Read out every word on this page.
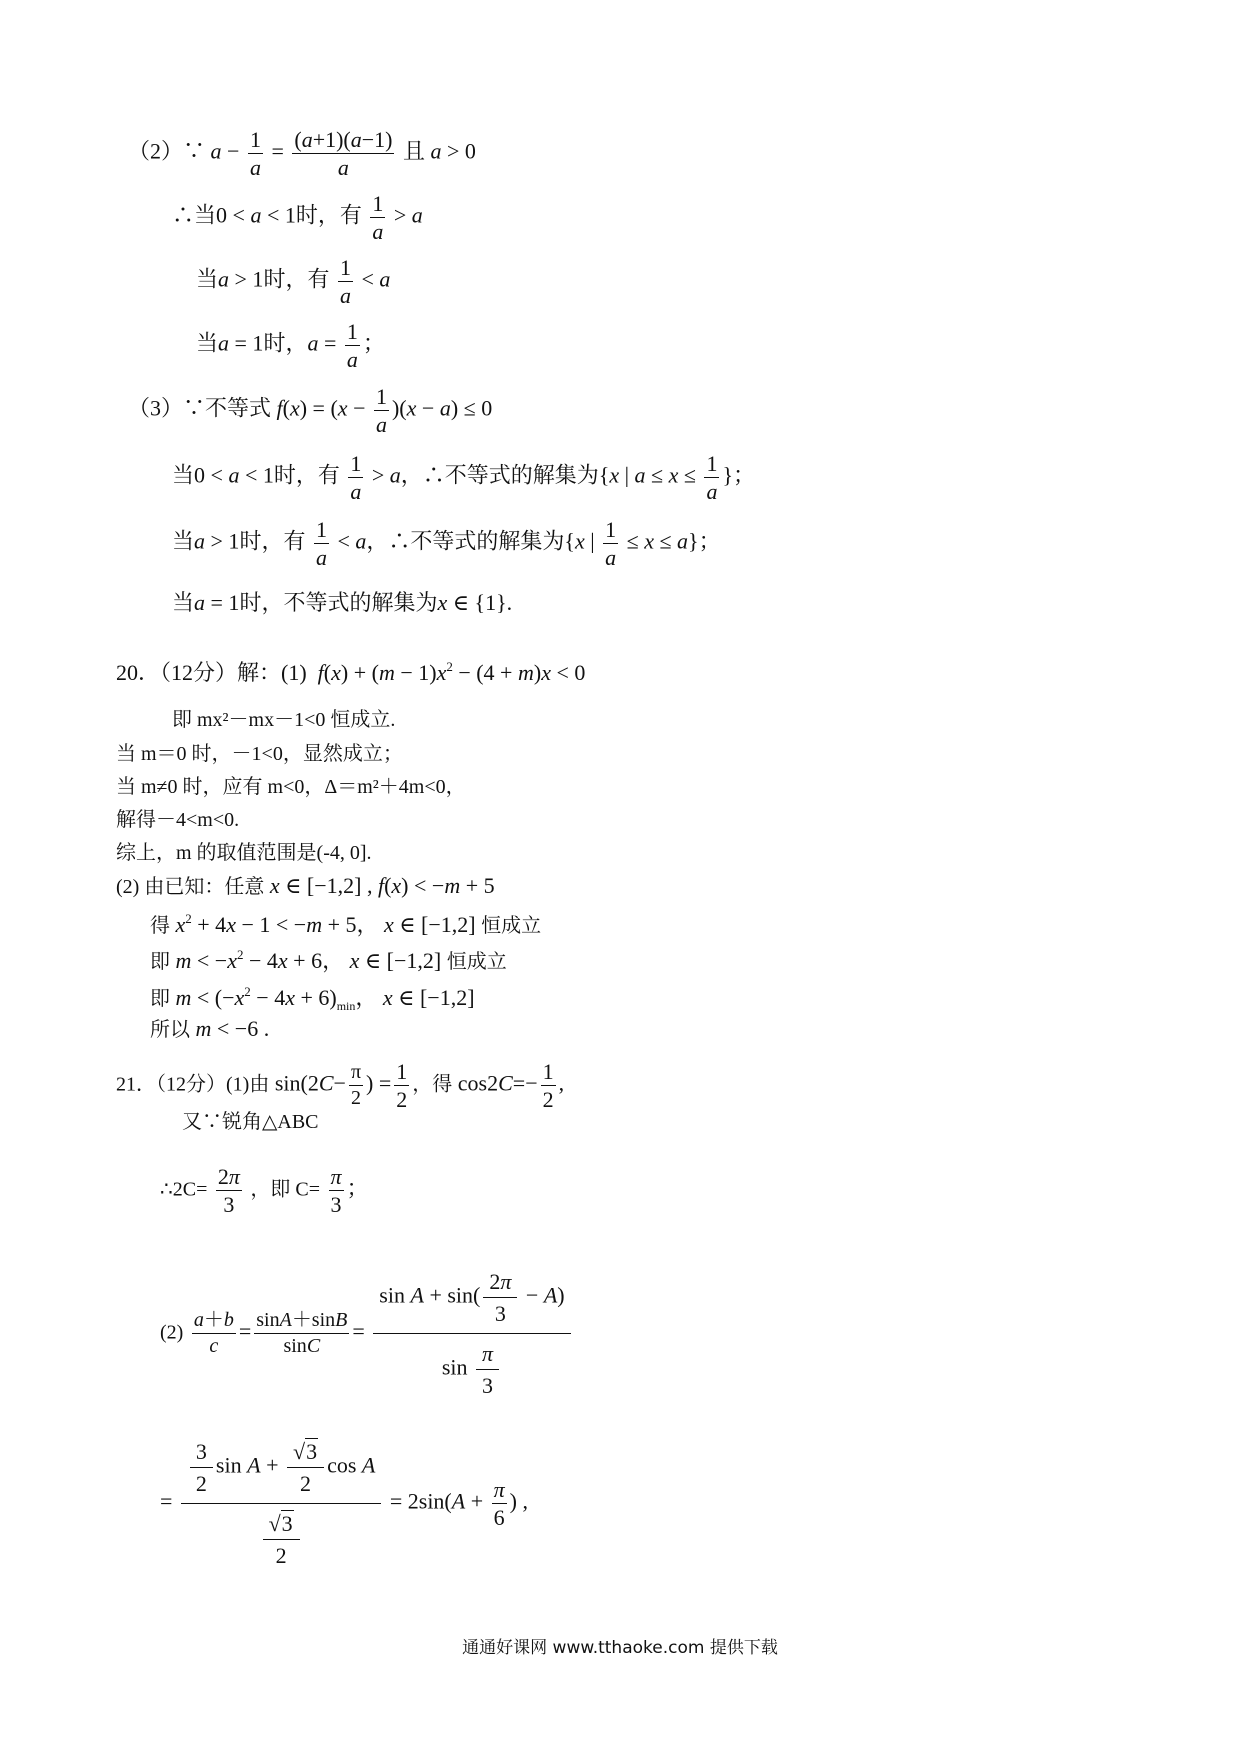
（2）∵ $a - \frac{1}{a} = \frac{(a+1)(a-1)}{a}$ 且 a > 0
∴当0 < a < 1时，有 $\frac{1}{a} > a$
当a > 1时，有 $\frac{1}{a} < a$
当a = 1时，$a = \frac{1}{a}$ ；
（3）∵不等式 $f(x) = (x - \frac{1}{a} )(x - a) \le 0$
当0 < a < 1时，有 $\frac{1}{a} > a$，∴不等式的解集为{x | $a \le x \le \frac{1}{a}$ }；
当a > 1时，有 $\frac{1}{a} < a$，∴不等式的解集为{x | $\frac{1}{a} \le x \le a$}；
当a = 1时，不等式的解集为x ∈ {1}.
20．（12分）解：(1) $f(x) + (m - 1)x^2 - (4 + m)x < 0$
即 mx²－mx－1<0 恒成立.
当 m＝0 时，－1<0，显然成立；
当 m≠0 时，应有 m<0，Δ＝m²＋4m<0，
解得－4<m<0.
综上，m 的取值范围是(-4, 0].
(2) 由已知：任意 x ∈ [−1,2] , f(x) < −m + 5
得 $x^2 + 4x - 1 < -m + 5$， x ∈ [−1,2] 恒成立
即 $m < -x^2 - 4x + 6$， x ∈ [−1,2] 恒成立
即 $m < (-x^2 - 4x + 6)_{min}$， x ∈ [−1,2]
所以 m < −6 .
21．（12分）(1)由 $\sin(2C- \frac{\pi}{2}$ ) = $\frac{1}{2}$ ，得 $\cos 2C=- \frac{1}{2}$ ,
又∵锐角△ABC
∴2C= $\frac{2\pi}{3}$ ，即 $C= \frac{\pi}{3}$ ；
$(2) \frac{a+b}{c} = \frac{\sin A+\sin B}{\sin C} = \frac{\sin A + \sin( \frac{2\pi}{3} - A)}{\sin \frac{\pi}{3}}$
= $\frac{\frac{3}{2} \sin A + \frac{√3}{2} \cos A}{\frac{√3}{2}} = 2\sin(A + \frac{\pi}{6}$ ) ,
通通好课网 www.tthaoke.com 提供下载
